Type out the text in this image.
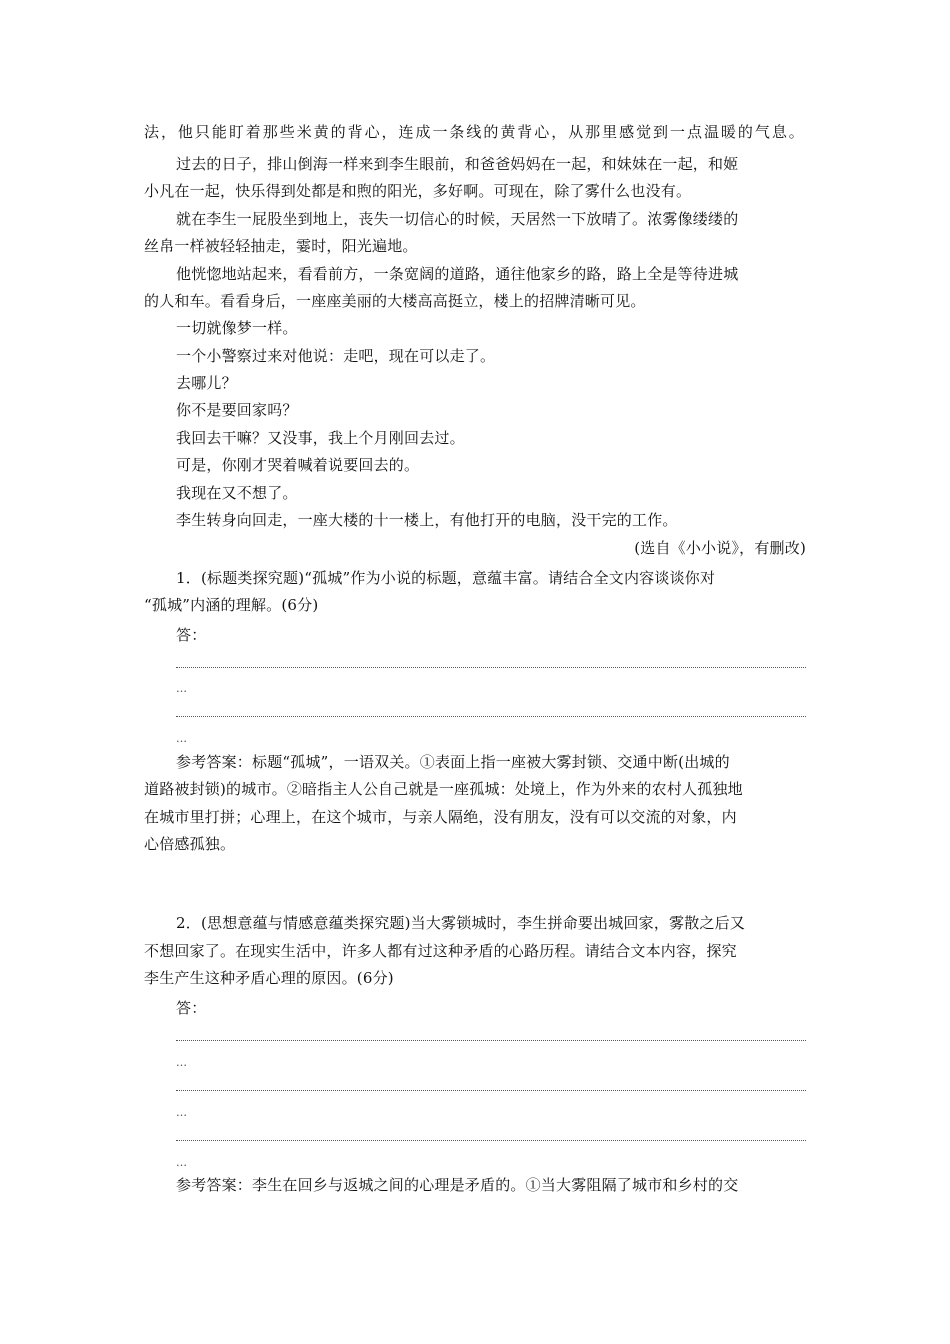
法，他只能盯着那些米黄的背心，连成一条线的黄背心，从那里感觉到一点温暖的气息。
过去的日子，排山倒海一样来到李生眼前，和爸爸妈妈在一起，和妹妹在一起，和姬
小凡在一起，快乐得到处都是和煦的阳光，多好啊。可现在，除了雾什么也没有。
就在李生一屁股坐到地上，丧失一切信心的时候，天居然一下放晴了。浓雾像缕缕的
丝帛一样被轻轻抽走，霎时，阳光遍地。
他恍惚地站起来，看看前方，一条宽阔的道路，通往他家乡的路，路上全是等待进城
的人和车。看看身后，一座座美丽的大楼高高挺立，楼上的招牌清晰可见。
一切就像梦一样。
一个小警察过来对他说：走吧，现在可以走了。
去哪儿？
你不是要回家吗？
我回去干嘛？又没事，我上个月刚回去过。
可是，你刚才哭着喊着说要回去的。
我现在又不想了。
李生转身向回走，一座大楼的十一楼上，有他打开的电脑，没干完的工作。
(选自《小小说》，有删改)
1．(标题类探究题)“孤城”作为小说的标题，意蕴丰富。请结合全文内容谈谈你对
“孤城”内涵的理解。(6分)
答：
…
…
参考答案：标题“孤城”，一语双关。①表面上指一座被大雾封锁、交通中断(出城的
道路被封锁)的城市。②暗指主人公自己就是一座孤城：处境上，作为外来的农村人孤独地
在城市里打拼；心理上，在这个城市，与亲人隔绝，没有朋友，没有可以交流的对象，内
心倍感孤独。
2．(思想意蕴与情感意蕴类探究题)当大雾锁城时，李生拼命要出城回家，雾散之后又
不想回家了。在现实生活中，许多人都有过这种矛盾的心路历程。请结合文本内容，探究
李生产生这种矛盾心理的原因。(6分)
答：
…
…
…
参考答案：李生在回乡与返城之间的心理是矛盾的。①当大雾阻隔了城市和乡村的交
